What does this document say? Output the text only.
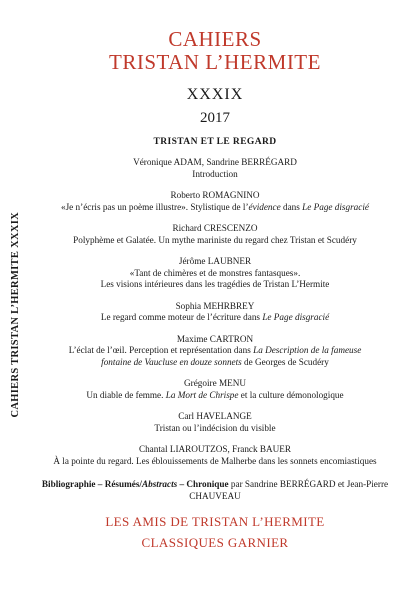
CAHIERS TRISTAN L’HERMITE XXXIX
CAHIERS
TRISTAN L’HERMITE
XXXIX
2017
TRISTAN ET LE REGARD
Véronique ADAM, Sandrine BERRÉGARD
Introduction
Roberto ROMAGNINO
«Je n’écris pas un poème illustre». Stylistique de l’évidence dans Le Page disgracié
Richard CRESCENZO
Polyphème et Galatée. Un mythe mariniste du regard chez Tristan et Scudéry
Jérôme LAUBNER
«Tant de chimères et de monstres fantasques».
Les visions intérieures dans les tragédies de Tristan L’Hermite
Sophia MEHRBREY
Le regard comme moteur de l’écriture dans Le Page disgracié
Maxime CARTRON
L’éclat de l’œil. Perception et représentation dans La Description de la fameuse
fontaine de Vaucluse en douze sonnets de Georges de Scudéry
Grégoire MENU
Un diable de femme. La Mort de Chrispe et la culture démonologique
Carl HAVELANGE
Tristan ou l’indécision du visible
Chantal LIAROUTZOS, Franck BAUER
À la pointe du regard. Les éblouissements de Malherbe dans les sonnets encomiastiques
Bibliographie – Résumés/Abstracts – Chronique par Sandrine BERRÉGARD et Jean-Pierre CHAUVEAU
LES AMIS DE TRISTAN L’HERMITE
CLASSIQUES GARNIER
